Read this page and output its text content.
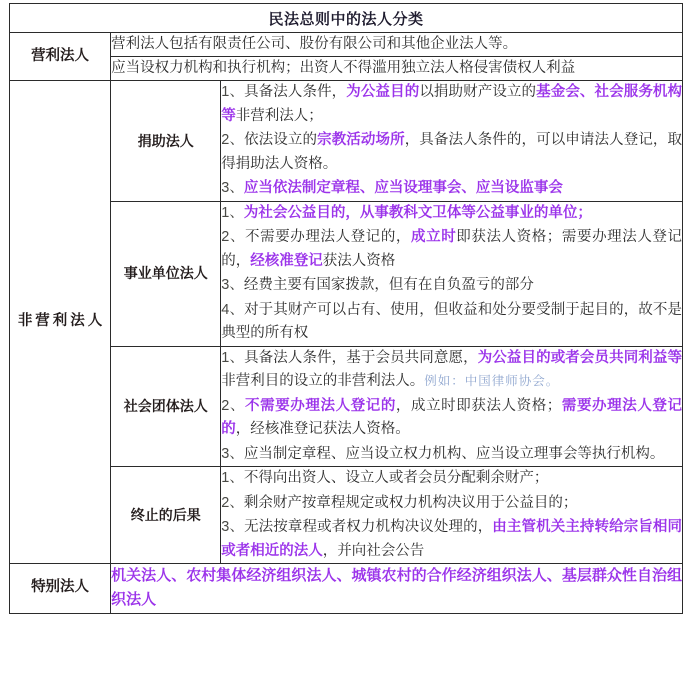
民法总则中的法人分类		
营利法人	营利法人包括有限责任公司、股份有限公司和其他企业法人等。	
	应当设权力机构和执行机构；出资人不得滥用独立法人格侵害债权人利益	
非营利法人	捐助法人	1、具备法人条件，为公益目的以捐助财产设立的基金会、社会服务机构等非营利法人；
2、依法设立的宗教活动场所，具备法人条件的，可以申请法人登记，取得捐助法人资格。
3、应当依法制定章程、应当设理事会、应当设监事会

	事业单位法人	1、为社会公益目的，从事教科文卫体等公益事业的单位；
2、不需要办理法人登记的，成立时即获法人资格；需要办理法人登记的，经核准登记获法人资格
3、经费主要有国家拨款，但有在自负盈亏的部分
4、对于其财产可以占有、使用，但收益和处分要受制于起目的，故不是典型的所有权

	社会团体法人	1、具备法人条件，基于会员共同意愿，为公益目的或者会员共同利益等非营利目的设立的非营利法人。例如：中国律师协会。
2、不需要办理法人登记的，成立时即获法人资格；需要办理法人登记的，经核准登记获法人资格。
3、应当制定章程、应当设立权力机构、应当设立理事会等执行机构。

	终止的后果	1、不得向出资人、设立人或者会员分配剩余财产；
2、剩余财产按章程规定或权力机构决议用于公益目的；
3、无法按章程或者权力机构决议处理的，由主管机关主持转给宗旨相同或者相近的法人，并向社会公告

特别法人	机关法人、农村集体经济组织法人、城镇农村的合作经济组织法人、基层群众性自治组织法人	
